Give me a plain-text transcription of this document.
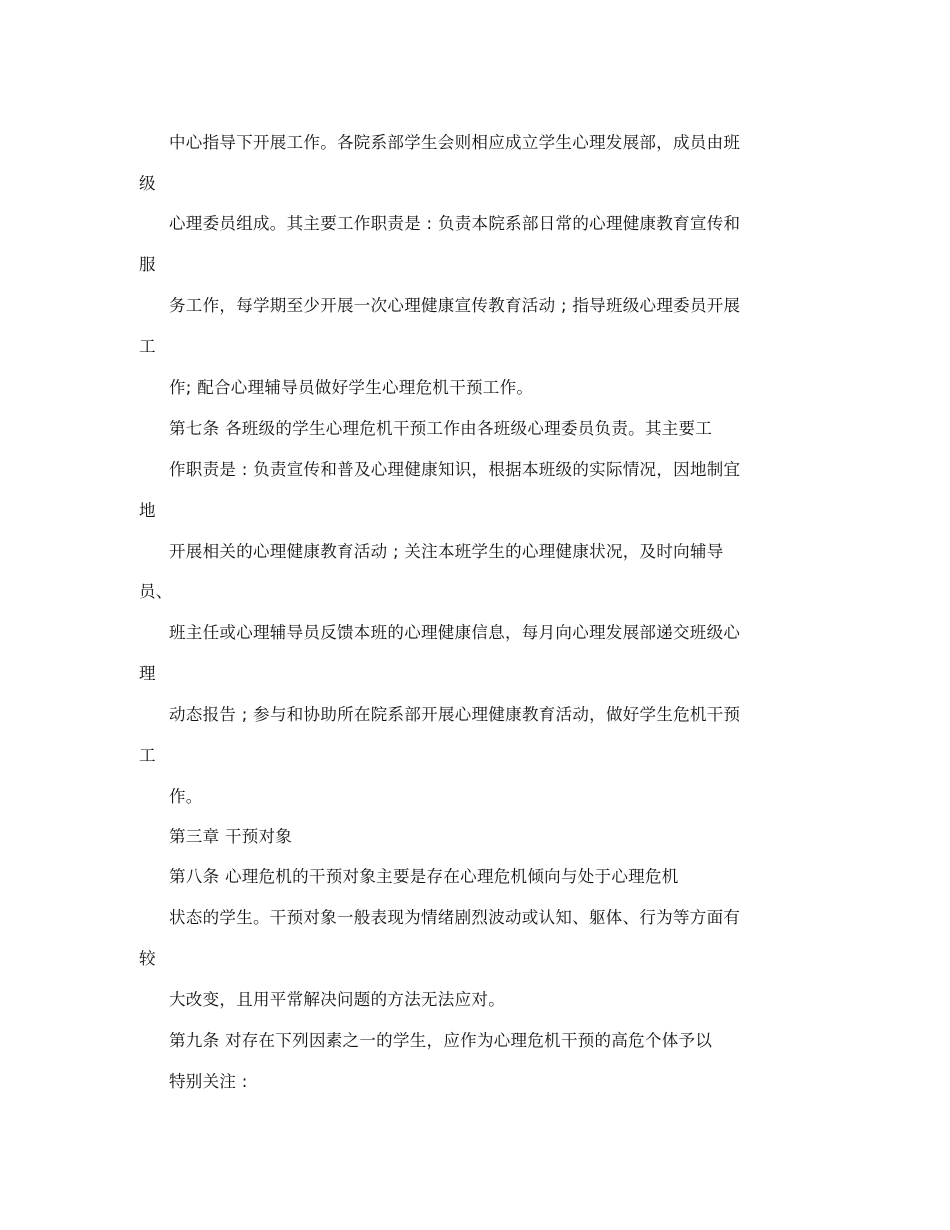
中心指导下开展工作。各院系部学生会则相应成立学生心理发展部，成员由班
级
心理委员组成。其主要工作职责是 : 负责本院系部日常的心理健康教育宣传和
服
务工作，每学期至少开展一次心理健康宣传教育活动 ; 指导班级心理委员开展
工
作; 配合心理辅导员做好学生心理危机干预工作。
第七条 各班级的学生心理危机干预工作由各班级心理委员负责。其主要工
作职责是 : 负责宣传和普及心理健康知识，根据本班级的实际情况，因地制宜
地
开展相关的心理健康教育活动 ; 关注本班学生的心理健康状况，及时向辅导
员、
班主任或心理辅导员反馈本班的心理健康信息，每月向心理发展部递交班级心
理
动态报告 ; 参与和协助所在院系部开展心理健康教育活动，做好学生危机干预
工
作。
第三章 干预对象
第八条 心理危机的干预对象主要是存在心理危机倾向与处于心理危机
状态的学生。干预对象一般表现为情绪剧烈波动或认知、躯体、行为等方面有
较
大改变，且用平常解决问题的方法无法应对。
第九条 对存在下列因素之一的学生，应作为心理危机干预的高危个体予以
特别关注 :
